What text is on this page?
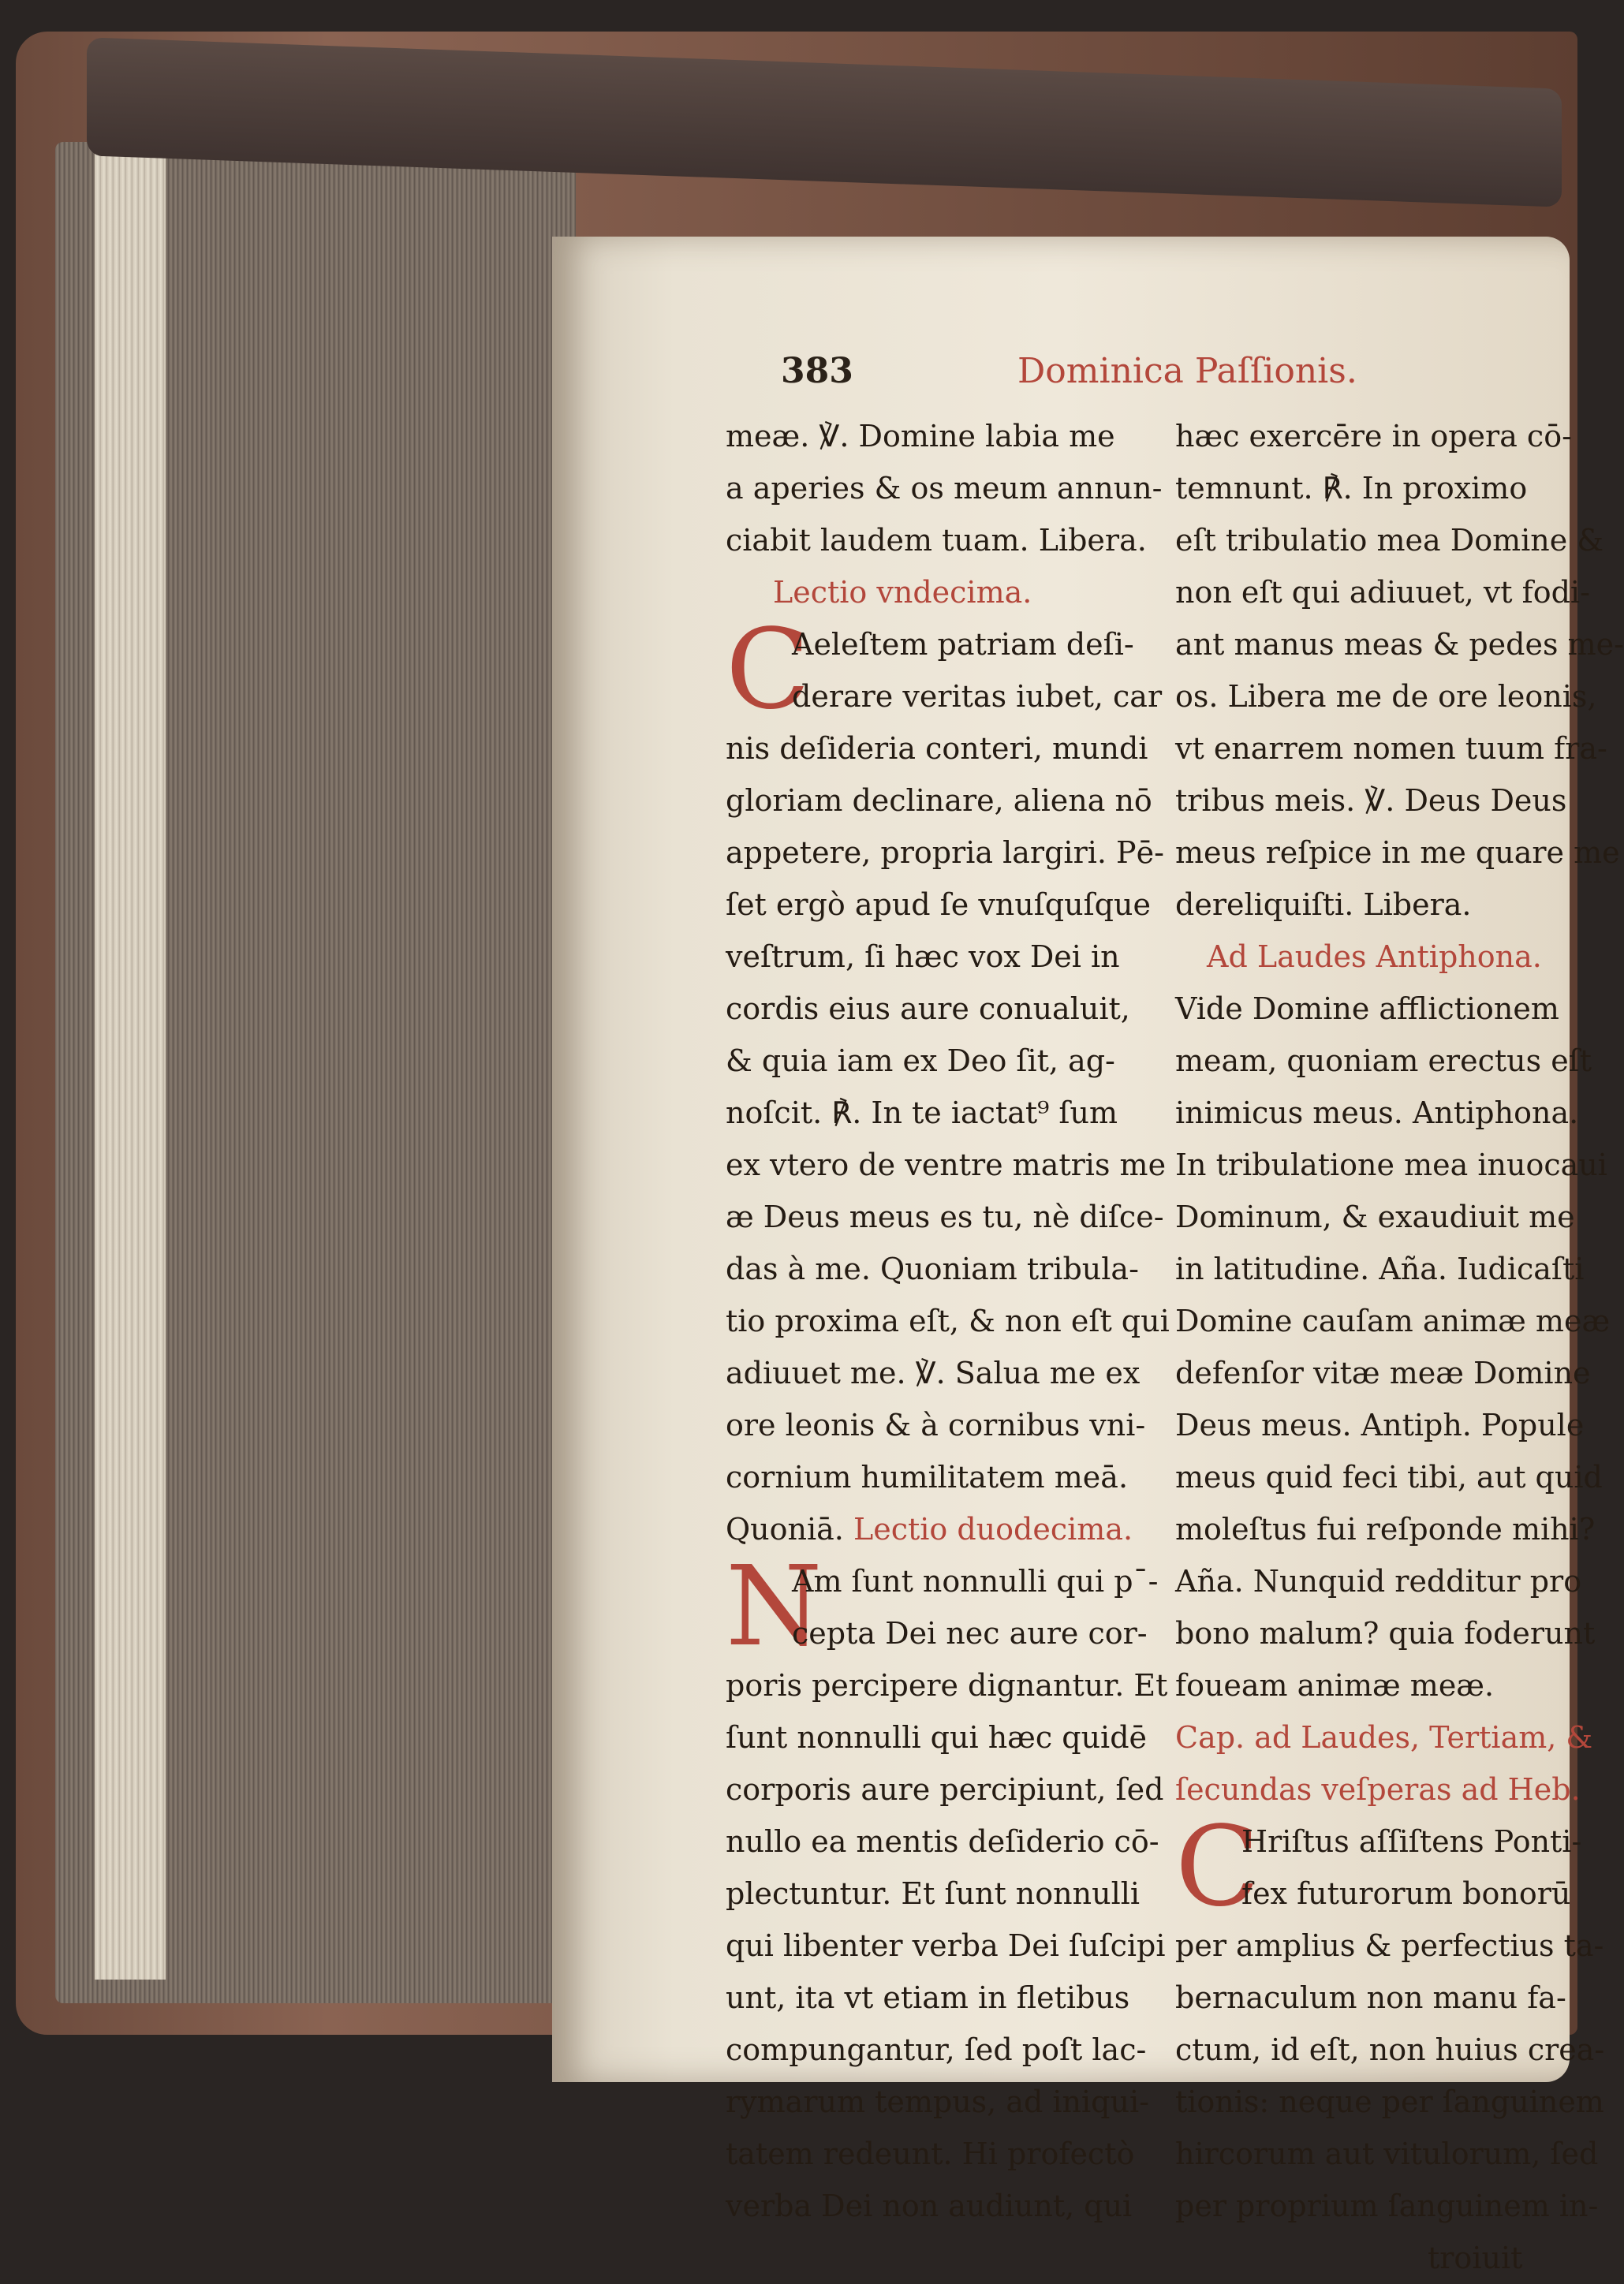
383	Dominica Paſſionis.
meæ. ℣. Domine labia me
a aperies & os meum annun-
ciabit laudem tuam. Libera.
Lectio vndecima.
C
Aeleſtem patriam deſi-
derare veritas iubet, car
nis deſideria conteri, mundi
gloriam declinare, aliena nō
appetere, propria largiri. Pē-
ſet ergò apud ſe vnuſquſque
veſtrum, ſi hæc vox Dei in
cordis eius aure conualuit,
& quia iam ex Deo ſit, ag-
noſcit. ℟. In te iactat⁹ ſum
ex vtero de ventre matris me
æ Deus meus es tu, nè diſce-
das à me. Quoniam tribula-
tio proxima eſt, & non eſt qui
adiuuet me. ℣. Salua me ex
ore leonis & à cornibus vni-
cornium humilitatem meā.
Quoniā. Lectio duodecima.
N
Am ſunt nonnulli qui pˉ-
cepta Dei nec aure cor-
poris percipere dignantur. Et
ſunt nonnulli qui hæc quidē
corporis aure percipiunt, ſed
nullo ea mentis deſiderio cō-
plectuntur. Et ſunt nonnulli
qui libenter verba Dei ſuſcipi
unt, ita vt etiam in fletibus
compungantur, ſed poſt lac-
rymarum tempus, ad iniqui-
tatem redeunt. Hi profectò
verba Dei non audiunt, qui
hæc exercēre in opera cō-
temnunt. ℟. In proximo
eſt tribulatio mea Domine &
non eſt qui adiuuet, vt fodi-
ant manus meas & pedes me-
os. Libera me de ore leonis,
vt enarrem nomen tuum fra-
tribus meis. ℣. Deus Deus
meus reſpice in me quare me
dereliquiſti. Libera.
Ad Laudes Antiphona.
Vide Domine afflictionem
meam, quoniam erectus eſt
inimicus meus. Antiphona.
In tribulatione mea inuocaui
Dominum, & exaudiuit me
in latitudine. Aña. Iudicaſti
Domine cauſam animæ meæ
defenſor vitæ meæ Domine
Deus meus. Antiph. Popule
meus quid feci tibi, aut quid
moleſtus fui reſponde mihi?
Aña. Nunquid redditur pro
bono malum? quia foderunt
foueam animæ meæ.
Cap. ad Laudes, Tertiam, &
ſecundas veſperas ad Heb.
C
Hriſtus aſſiſtens Ponti-
fex futurorum bonorū
per amplius & perfectius ta-
bernaculum non manu fa-
ctum, id eſt, non huius crea-
tionis: neque per ſanguinem
hircorum aut vitulorum, ſed
per proprium ſanguinem in-
troiuit
